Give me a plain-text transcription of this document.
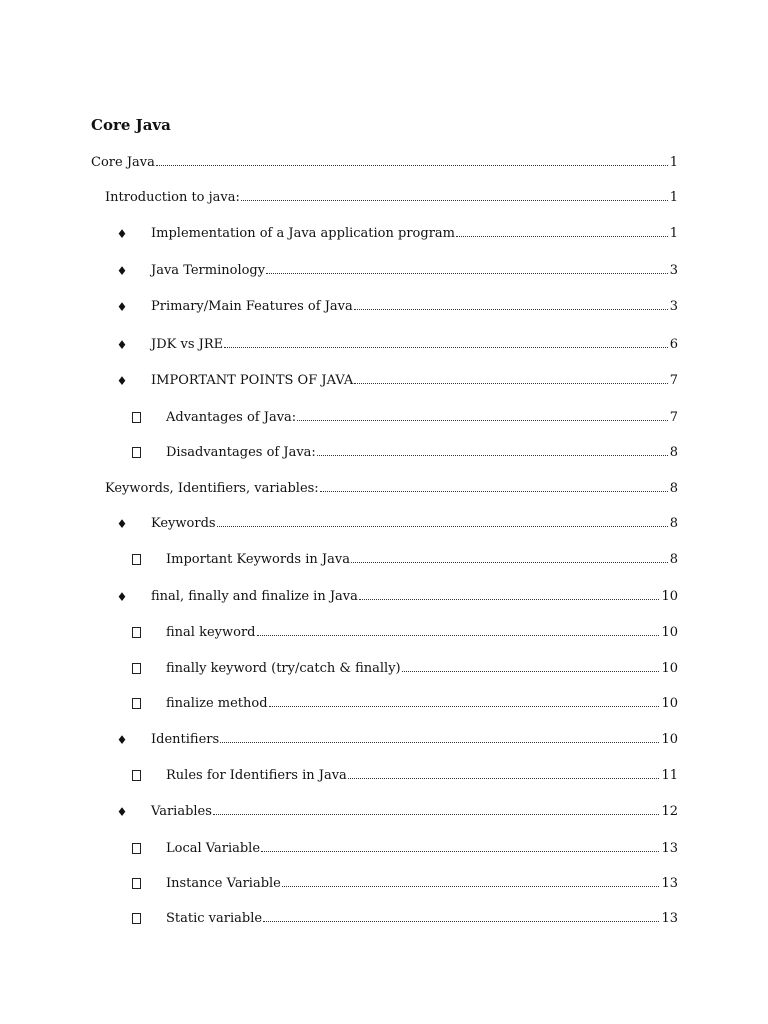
Core Java
Core Java	1
Introduction to java:	1
Implementation of a Java application program	1
♦
Java Terminology	3
♦
Primary/Main Features of Java	3
♦
JDK vs JRE	6
♦
IMPORTANT POINTS OF JAVA	7
♦
Advantages of Java:	7
Disadvantages of Java:	8
Keywords, Identifiers, variables:	8
Keywords	8
♦
Important Keywords in Java	8
final, finally and finalize in Java	10
♦
final keyword	10
finally keyword (try/catch & finally)	10
finalize method	10
Identifiers	10
♦
Rules for Identifiers in Java	11
Variables	12
♦
Local Variable	13
Instance Variable	13
Static variable	13
